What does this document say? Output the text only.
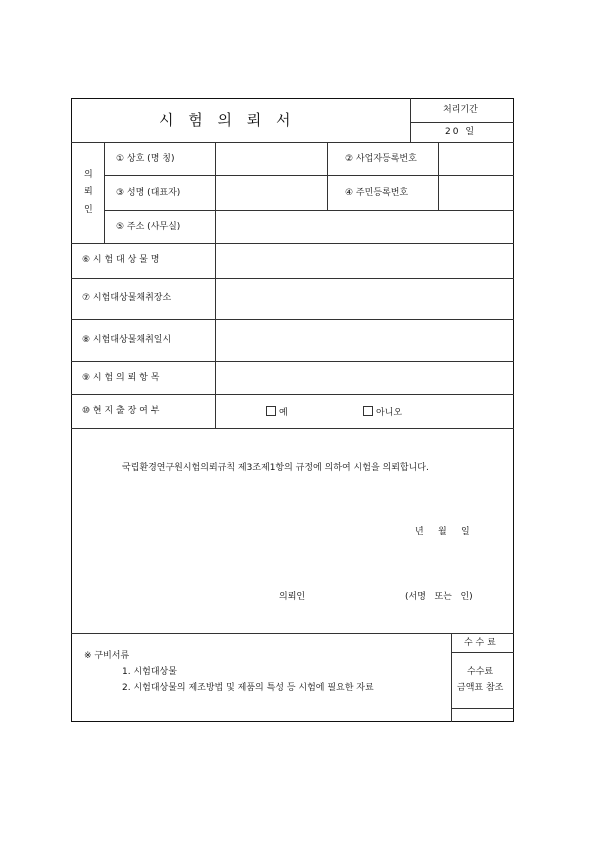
시 험 의 뢰 서
처리기간
20 일
의
뢰
인
① 상호 (명 칭)	② 사업자등록번호
③ 성명 (대표자)	④ 주민등록번호
⑤ 주소 (사무실)
⑥ 시 험 대 상 물 명
⑦ 시험대상물채취장소
⑧ 시험대상물채취일시
⑨ 시 험 의 뢰 항 목
⑩ 현 지 출 장 여 부	예	아니오
국립환경연구원시험의뢰규칙 제3조제1항의 규정에 의하여 시험을 의뢰합니다.
년     월     일
의뢰인	(서명   또는   인)
※ 구비서류
1. 시험대상물
2. 시험대상물의 제조방법 및 제품의 특성 등 시험에 필요한 자료
수 수 료
수수료
금액표 참조
